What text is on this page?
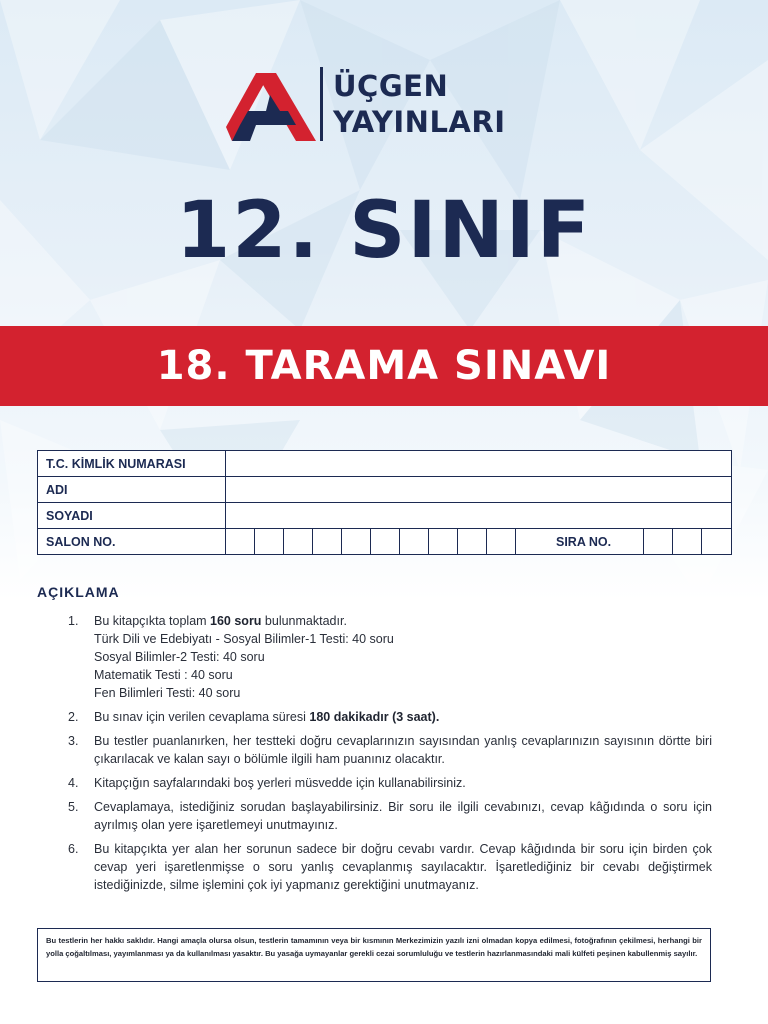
ÜÇGEN
YAYINLARI
12. SINIF
18. TARAMA SINAVI
T.C. KİMLİK NUMARASI														
ADI														
SOYADI														
SALON NO.											SIRA NO.			
AÇIKLAMA
1.	Bu kitapçıkta toplam 160 soru bulunmaktadır.
Türk Dili ve Edebiyatı - Sosyal Bilimler-1 Testi: 40 soru
Sosyal Bilimler-2 Testi: 40 soru
Matematik Testi : 40 soru
Fen Bilimleri Testi: 40 soru
2.	Bu sınav için verilen cevaplama süresi 180 dakikadır (3 saat).
3.	Bu testler puanlanırken, her testteki doğru cevaplarınızın sayısından yanlış cevaplarınızın sayısının dörtte biri çıkarılacak ve kalan sayı o bölümle ilgili ham puanınız olacaktır.
4.	Kitapçığın sayfalarındaki boş yerleri müsvedde için kullanabilirsiniz.
5.	Cevaplamaya, istediğiniz sorudan başlayabilirsiniz. Bir soru ile ilgili cevabınızı, cevap kâğıdında o soru için ayrılmış olan yere işaretlemeyi unutmayınız.
6.	Bu kitapçıkta yer alan her sorunun sadece bir doğru cevabı vardır. Cevap kâğıdında bir soru için birden çok cevap yeri işaretlenmişse o soru yanlış cevaplanmış sayılacaktır. İşaretlediğiniz bir cevabı değiştirmek istediğinizde, silme işlemini çok iyi yapmanız gerektiğini unutmayanız.
Bu testlerin her hakkı saklıdır. Hangi amaçla olursa olsun, testlerin tamamının veya bir kısmının Merkezimizin yazılı izni olmadan kopya edilmesi, fotoğrafının çekilmesi, herhangi bir yolla çoğaltılması, yayımlanması ya da kullanılması yasaktır. Bu yasağa uymayanlar gerekli cezai sorumluluğu ve testlerin hazırlanmasındaki mali külfeti peşinen kabullenmiş sayılır.
